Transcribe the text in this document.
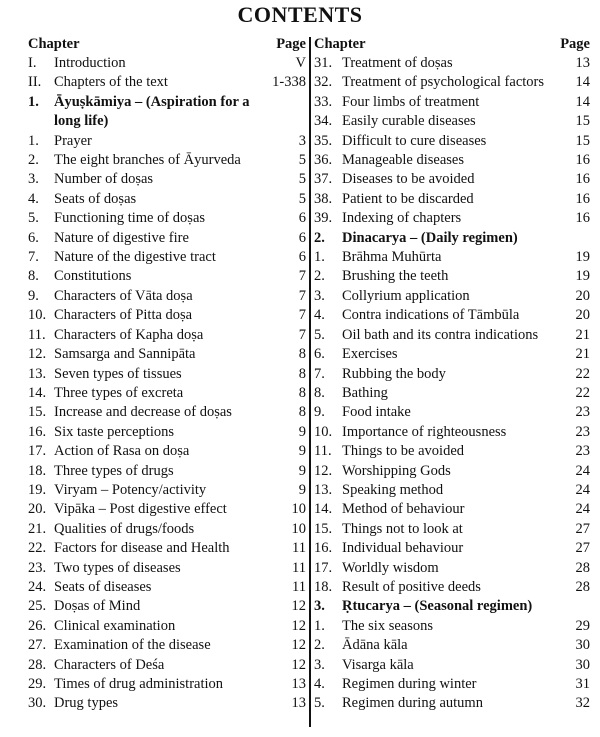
CONTENTS
Chapter	Page
I.	Introduction	V
II. Chapters of the text	1-338
1.	Āyuṣkāmiya – (Aspiration for a long life)
1.	Prayer	3
2.	The eight branches of Āyurveda	5
3.	Number of doṣas	5
4.	Seats of doṣas	5
5.	Functioning time of doṣas	6
6.	Nature of digestive fire	6
7.	Nature of the digestive tract	6
8.	Constitutions	7
9.	Characters of Vāta doṣa	7
10. Characters of Pitta doṣa	7
11. Characters of Kapha doṣa	7
12. Samsarga and Sannipāta	8
13. Seven types of tissues	8
14. Three types of excreta	8
15. Increase and decrease of doṣas	8
16. Six taste perceptions	9
17. Action of Rasa on doṣa	9
18. Three types of drugs	9
19. Viryam – Potency/activity	9
20. Vipāka – Post digestive effect	10
21. Qualities of drugs/foods	10
22. Factors for disease and Health	11
23. Two types of diseases	11
24. Seats of diseases	11
25. Doṣas of Mind	12
26. Clinical examination	12
27. Examination of the disease	12
28. Characters of Deśa	12
29. Times of drug administration	13
30. Drug types	13
Chapter	Page
31. Treatment of doṣas	13
32. Treatment of psychological factors	14
33. Four limbs of treatment	14
34. Easily curable diseases	15
35. Difficult to cure diseases	15
36. Manageable diseases	16
37. Diseases to be avoided	16
38. Patient to be discarded	16
39. Indexing of chapters	16
2.	Dinacarya – (Daily regimen)
1.	Brāhma Muhūrta	19
2.	Brushing the teeth	19
3.	Collyrium application	20
4.	Contra indications of Tāmbūla	20
5.	Oil bath and its contra indications	21
6.	Exercises	21
7.	Rubbing the body	22
8.	Bathing	22
9.	Food intake	23
10. Importance of righteousness	23
11. Things to be avoided	23
12. Worshipping Gods	24
13. Speaking method	24
14. Method of behaviour	24
15. Things not to look at	27
16. Individual behaviour	27
17. Worldly wisdom	28
18. Result of positive deeds	28
3.	Ṛtucarya – (Seasonal regimen)
1.	The six seasons	29
2.	Ādāna kāla	30
3.	Visarga kāla	30
4.	Regimen during winter	31
5.	Regimen during autumn	32
